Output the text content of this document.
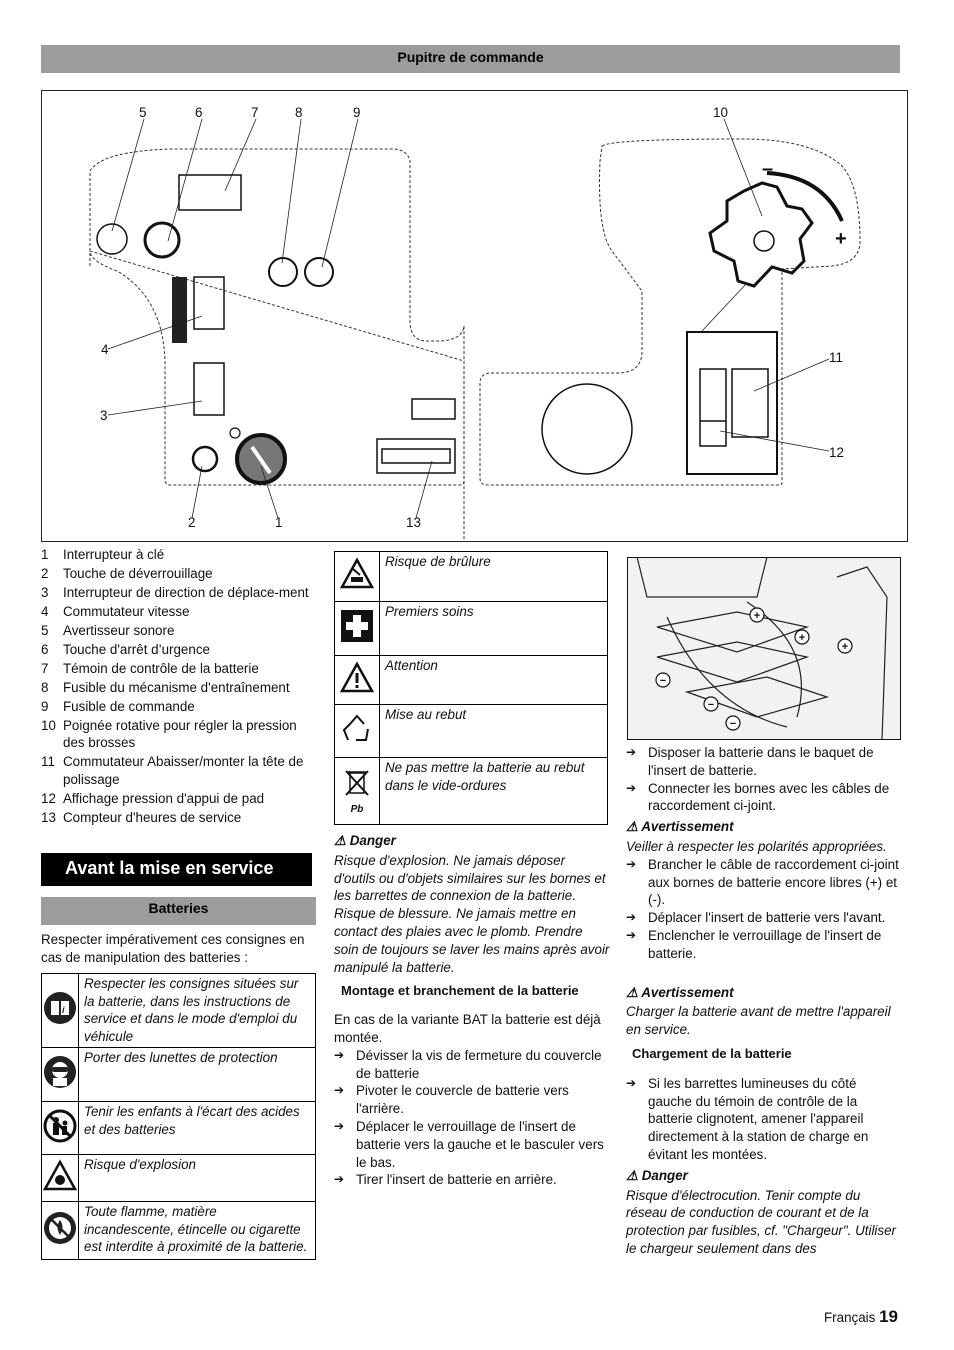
Pupitre de commande
–
+
5	6	7	8	9	10
4
3
2	1	13
11
12
1	Interrupteur à clé
2	Touche de déverrouillage
3	Interrupteur de direction de déplace-ment
4	Commutateur vitesse
5	Avertisseur sonore
6	Touche d'arrêt d’urgence
7	Témoin de contrôle de la batterie
8	Fusible du mécanisme d'entraînement
9	Fusible de commande
10 Poignée rotative pour régler la pression des brosses
11 Commutateur Abaisser/monter la tête de polissage
12 Affichage pression d'appui de pad
13 Compteur d'heures de service
Avant la mise en service
Batteries
Respecter impérativement ces consignes en cas de manipulation des batteries :
i	Respecter les consignes situées sur la batterie, dans les instructions de service et dans le mode d'emploi du véhicule
	Porter des lunettes de protection
	Tenir les enfants à l'écart des acides et des batteries
	Risque d'explosion
	Toute flamme, matière incandescente, étincelle ou cigarette est interdite à proximité de la batterie.
	Risque de brûlure
	Premiers soins
	Attention
	Mise au rebut

Pb	Ne pas mettre la batterie au rebut dans le vide-ordures

⚠ Danger

Risque d'explosion. Ne jamais déposer d'outils ou d'objets similaires sur les bornes et les barrettes de connexion de la batterie. Risque de blessure. Ne jamais mettre en contact des plaies avec le plomb. Prendre soin de toujours se laver les mains après avoir manipulé la batterie.

Montage et branchement de la batterie

En cas de la variante BAT la batterie est déjà montée.

➔ Dévisser la vis de fermeture du couvercle de batterie
➔ Pivoter le couvercle de batterie vers l'arrière.
➔ Déplacer le verrouillage de l'insert de batterie vers la gauche et le basculer vers le bas.
➔ Tirer l'insert de batterie en arrière.
+
+
+
−
−
−
➔ Disposer la batterie dans le baquet de l'insert de batterie.
➔ Connecter les bornes avec les câbles de raccordement ci-joint.

⚠ Avertissement

Veiller à respecter les polarités appropriées.

➔ Brancher le câble de raccordement ci-joint aux bornes de batterie encore libres (+) et (-).
➔ Déplacer l'insert de batterie vers l'avant.
➔ Enclencher le verrouillage de l'insert de batterie.

⚠ Avertissement

Charger la batterie avant de mettre l'appareil en service.

Chargement de la batterie

➔ Si les barrettes lumineuses du côté gauche du témoin de contrôle de la batterie clignotent, amener l'appareil directement à la station de charge en évitant les montées.

⚠ Danger

Risque d'électrocution. Tenir compte du réseau de conduction de courant et de la protection par fusibles, cf. "Chargeur". Utiliser le chargeur seulement dans des

Français 19
